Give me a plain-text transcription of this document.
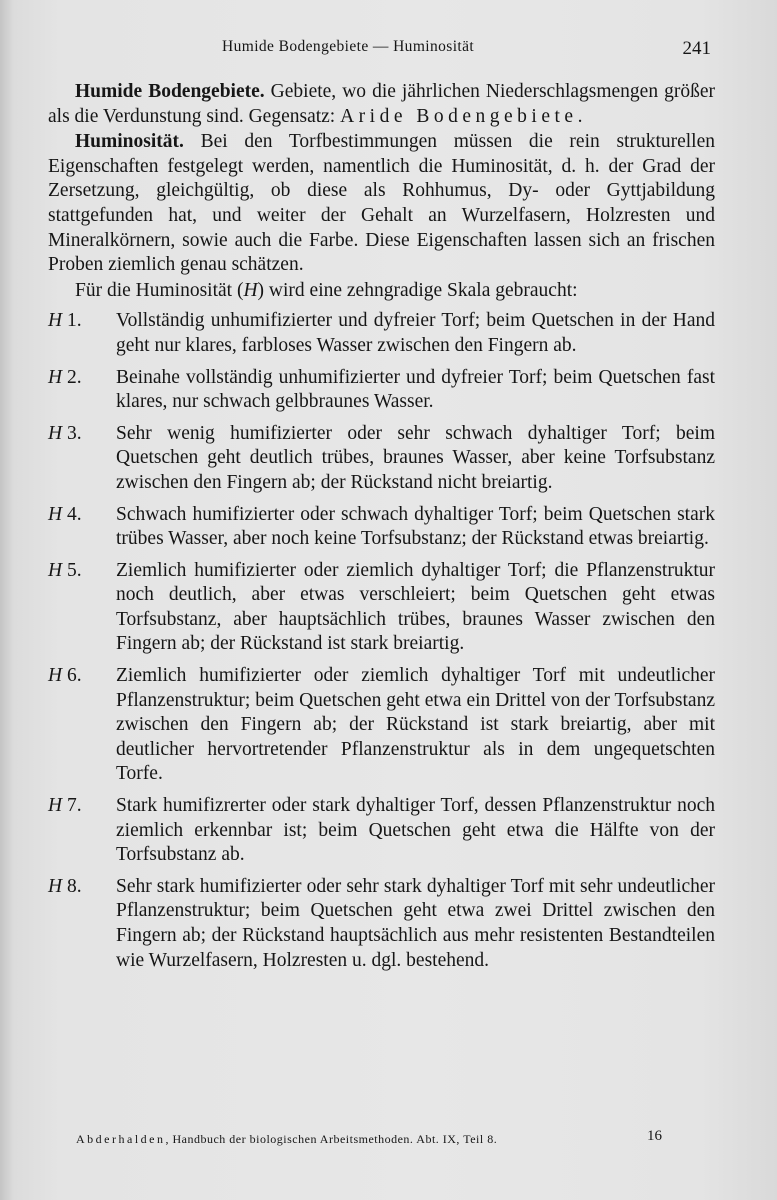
Humide Bodengebiete — Huminosität	241

Humide Bodengebiete. Gebiete, wo die jährlichen Niederschlagsmengen größer als die Verdunstung sind. Gegensatz: Aride Bodengebiete.

Huminosität. Bei den Torfbestimmungen müssen die rein strukturellen Eigenschaften festgelegt werden, namentlich die Huminosität, d. h. der Grad der Zersetzung, gleichgültig, ob diese als Rohhumus, Dy- oder Gyttjabildung stattgefunden hat, und weiter der Gehalt an Wurzelfasern, Holzresten und Mineralkörnern, sowie auch die Farbe. Diese Eigenschaften lassen sich an frischen Proben ziemlich genau schätzen.

Für die Huminosität (H) wird eine zehngradige Skala gebraucht:

H 1.	Vollständig unhumifizierter und dyfreier Torf; beim Quetschen in der Hand geht nur klares, farbloses Wasser zwischen den Fingern ab.
H 2.	Beinahe vollständig unhumifizierter und dyfreier Torf; beim Quetschen fast klares, nur schwach gelbbraunes Wasser.
H 3.	Sehr wenig humifizierter oder sehr schwach dyhaltiger Torf; beim Quetschen geht deutlich trübes, braunes Wasser, aber keine Torfsubstanz zwischen den Fingern ab; der Rückstand nicht breiartig.
H 4.	Schwach humifizierter oder schwach dyhaltiger Torf; beim Quetschen stark trübes Wasser, aber noch keine Torfsubstanz; der Rückstand etwas breiartig.
H 5.	Ziemlich humifizierter oder ziemlich dyhaltiger Torf; die Pflanzenstruktur noch deutlich, aber etwas verschleiert; beim Quetschen geht etwas Torfsubstanz, aber hauptsächlich trübes, braunes Wasser zwischen den Fingern ab; der Rückstand ist stark breiartig.
H 6.	Ziemlich humifizierter oder ziemlich dyhaltiger Torf mit undeutlicher Pflanzenstruktur; beim Quetschen geht etwa ein Drittel von der Torfsubstanz zwischen den Fingern ab; der Rückstand ist stark breiartig, aber mit deutlicher hervortretender Pflanzenstruktur als in dem ungequetschten Torfe.
H 7.	Stark humifizrerter oder stark dyhaltiger Torf, dessen Pflanzenstruktur noch ziemlich erkennbar ist; beim Quetschen geht etwa die Hälfte von der Torfsubstanz ab.
H 8.	Sehr stark humifizierter oder sehr stark dyhaltiger Torf mit sehr undeutlicher Pflanzenstruktur; beim Quetschen geht etwa zwei Drittel zwischen den Fingern ab; der Rückstand hauptsächlich aus mehr resistenten Bestandteilen wie Wurzelfasern, Holzresten u. dgl. bestehend.
Abderhalden, Handbuch der biologischen Arbeitsmethoden. Abt. IX, Teil 8.	16
